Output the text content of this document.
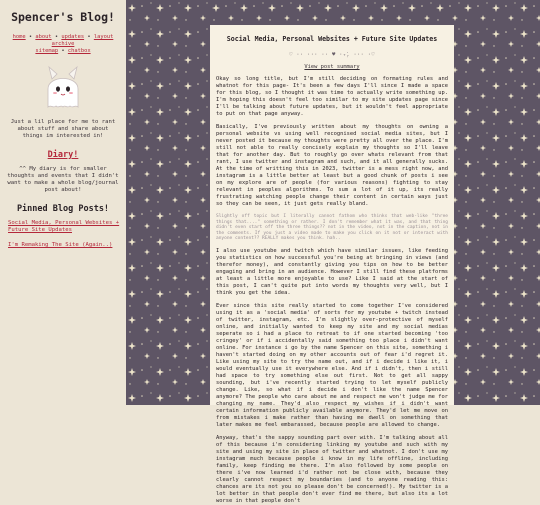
Spencer's Blog!
home • about • updates • layout archive
sitemap • chatbox
Just a lil place for me to rant about stuff and share about things im interested in!
Diary!
^^ My diary is for smaller thoughts and events that I didn't want to make a whole blog/journal post about!
Pinned Blog Posts!
Social Media, Personal Websites + Future Site Updates
I'm Remaking The Site (Again..)
Social Media, Personal Websites + Future Site Updates
♡ ·· ··· ·· ♥︎ ·₊̣̇. ··· ·♡
View post summary

Okay so long title, but I'm still deciding on formating rules and whatnot for this page- It's been a few days I'll since I made a space for this blog, so I thought it was time to actually write something up. I'm hoping this doesn't feel too similar to my site updates page since I'll be talking about future updates, but it wouldn't feel appropriate to put on that page anyway.

Basically, I've previously written about my thoughts on owning a personal website vs using well recognised social media sites, but I never posted it because my thoughts were pretty all over the place. I'm still not able to really concisely explain my thoughts so I'll leave that for another day. But to roughly go over whats relevant from that rant, I use twitter and instagram and such, and it all generally sucks. At the time of writting this in 2023, twitter is a mess right now, and instagram is a little better at least but a good chunk of posts i see on my explore are of people (for various reasons) fighting to stay relevant in peoples algorithms. To sum a lot of it up, its really frustrating watching people change their content in certain ways just so they can be seen, it just gets really bland.

Slightly off topic but I literally cannot fathom who thinks that web-like "three things that...." something or rather. I don't remember what it was, and that thing didn't even start off the three things?? not in the video, not in the caption, not in the comments. If you just a video made to make you click on it not or interact with anyone content?? REALLY makes you think. hah..

I also use youtube and twitch which have similar issues, like feeding you statistics on how successful you're being at bringing in views (and therefor money), and constantly giving you tips on how to be better engaging and bring in an audience. However I still find these platforms at least a little more enjoyable to use? Like I said at the start of this post, I can't quite put into words my thoughts very well, but I think you get the idea.

Ever since this site really started to come together I've considered using it as a 'social media' of sorts for my youtube + twitch instead of twitter, instagram, etc. I'm slightly over-protective of myself online, and initially wanted to keep my site and my social medias seperate so i had a place to retreat to if one started becoming 'too cringey' or if i accidentally said something too place i didn't want online. For instance i go by the name Spencer on this site, something i haven't started doing on my other accounts out of fear i'd regret it. Like using my site to try the name out, and if i decide i like it, i would eventually use it everywhere else. And if i didn't, then i still had space to try something else out first. Not to get all sappy sounding, but i've recently started trying to let myself publicly change. Like, so what if i decide i don't like the name Spencer anymore? The people who care about me and respect me won't judge me for changing my name. They'd also respect my wishes if i didn't want certain information publicly available anymore. They'd let me move on from mistakes i make rather than having me dwell on something that later makes me feel embarassed, because people are allowed to change.

Anyway, that's the sappy sounding part over with. I'm talking about all of this because i'm considering linking my youtube and such with my site and using my site in place of twitter and whatnot. I don't use my instagram much because people i know in my life offline, including family, keep finding me there. I'm also followed by some people on there i've now learned i'd rather not be close with, because they clearly cannot respect my boundaries (and to anyone reading this: chances are its not you so please don't be concerned!). My twitter is a lot better in that people don't ever find me there, but also its a lot worse in that people don't
